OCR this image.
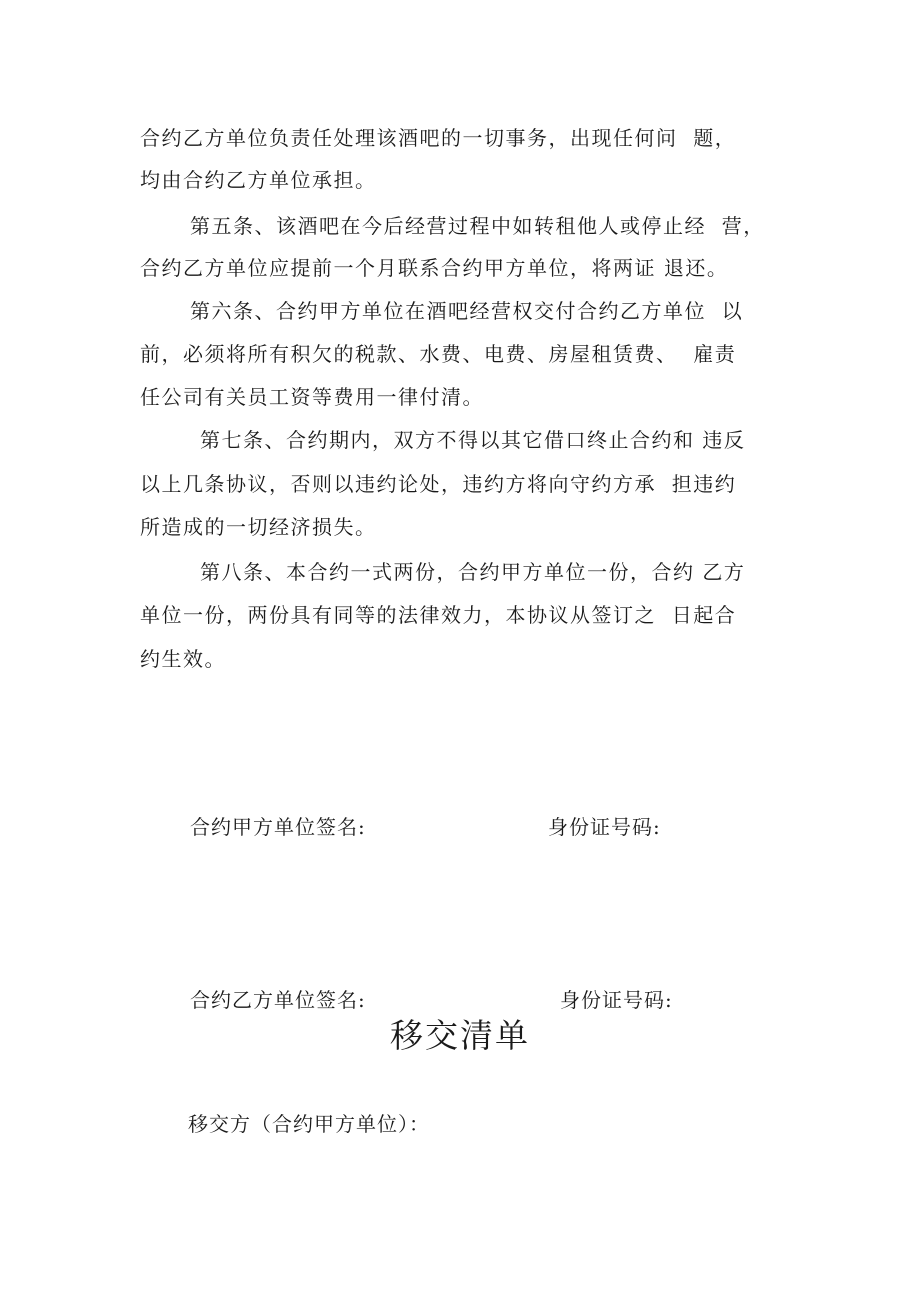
合约乙方单位负责任处理该酒吧的一切事务，出现任何问  题，

均由合约乙方单位承担。

第五条、该酒吧在今后经营过程中如转租他人或停止经  营，

合约乙方单位应提前一个月联系合约甲方单位，将两证 退还。

第六条、合约甲方单位在酒吧经营权交付合约乙方单位  以

前，必须将所有积欠的税款、水费、电费、房屋租赁费、  雇责

任公司有关员工资等费用一律付清。

第七条、合约期内，双方不得以其它借口终止合约和 违反

以上几条协议，否则以违约论处，违约方将向守约方承  担违约

所造成的一切经济损失。

第八条、本合约一式两份，合约甲方单位一份，合约 乙方

单位一份，两份具有同等的法律效力，本协议从签订之  日起合

约生效。

合约甲方单位签名:	身份证号码:

合约乙方单位签名:	身份证号码:

移交清单

移交方（合约甲方单位）：
